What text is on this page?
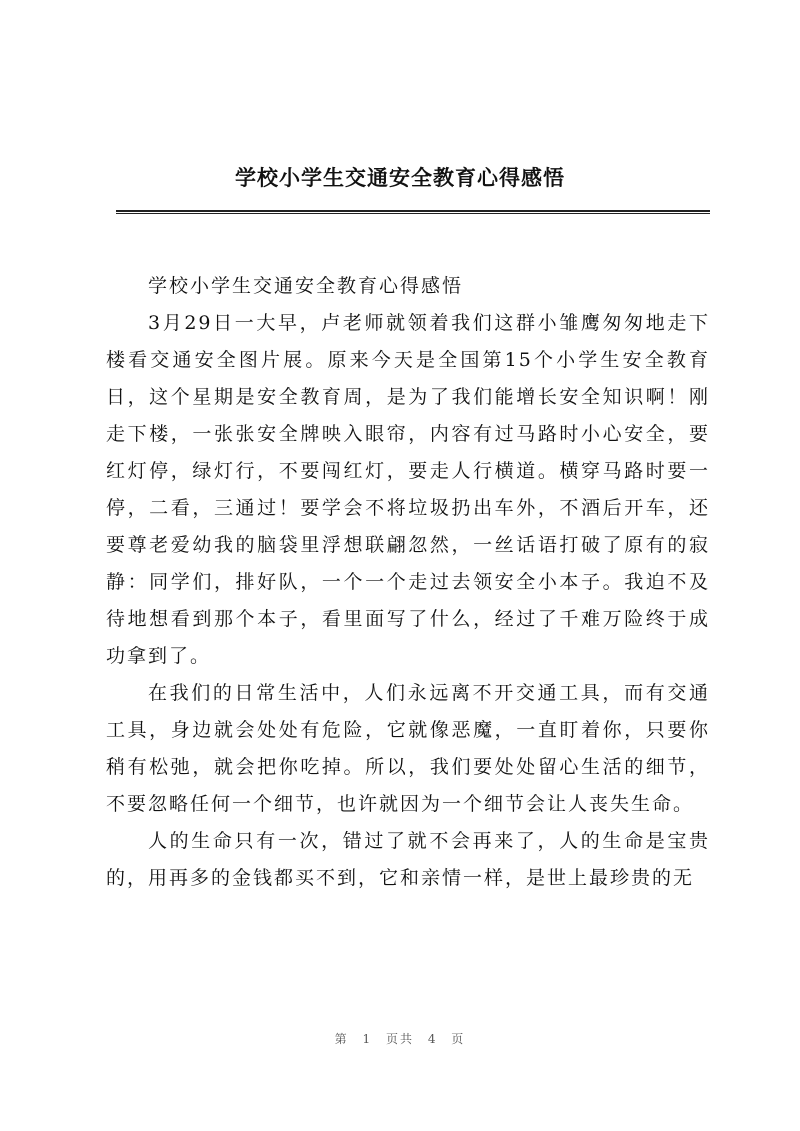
学校小学生交通安全教育心得感悟

学校小学生交通安全教育心得感悟

3月29日一大早，卢老师就领着我们这群小雏鹰匆匆地走下楼看交通安全图片展。原来今天是全国第15个小学生安全教育日，这个星期是安全教育周，是为了我们能增长安全知识啊！刚走下楼，一张张安全牌映入眼帘，内容有过马路时小心安全，要红灯停，绿灯行，不要闯红灯，要走人行横道。横穿马路时要一停，二看，三通过！要学会不将垃圾扔出车外，不酒后开车，还要尊老爱幼我的脑袋里浮想联翩忽然，一丝话语打破了原有的寂静：同学们，排好队，一个一个走过去领安全小本子。我迫不及待地想看到那个本子，看里面写了什么，经过了千难万险终于成功拿到了。

在我们的日常生活中，人们永远离不开交通工具，而有交通工具，身边就会处处有危险，它就像恶魔，一直盯着你，只要你稍有松弛，就会把你吃掉。所以，我们要处处留心生活的细节，不要忽略任何一个细节，也许就因为一个细节会让人丧失生命。

人的生命只有一次，错过了就不会再来了，人的生命是宝贵的，用再多的金钱都买不到，它和亲情一样，是世上最珍贵的无

第 1 页共 4 页
